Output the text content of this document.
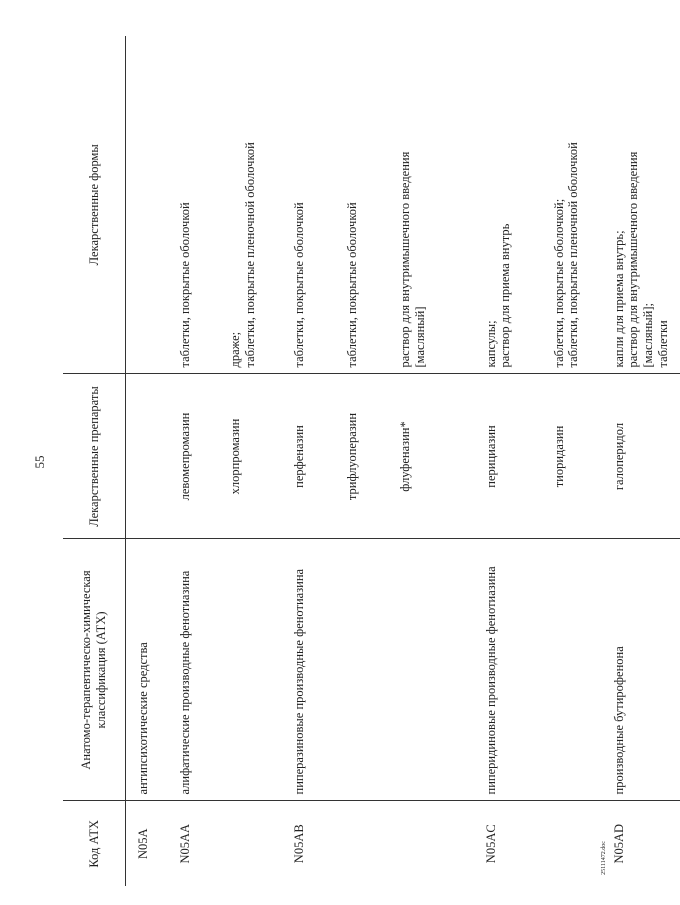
55
25111472.doc
Код АТХ	Анатомо-терапевтическо-химическая классификация (АТХ)	Лекарственные препараты	Лекарственные формы
N05A	антипсихотические средства		
N05AA	алифатические производные фенотиазина	левомепромазин	таблетки, покрытые оболочкой

		хлорпромазин	драже; таблетки, покрытые пленочной оболочкой

N05AB	пиперазиновые производные фенотиазина	перфеназин	таблетки, покрытые оболочкой

		трифлуоперазин	таблетки, покрытые оболочкой

		флуфеназин*	раствор для внутримышечного введения [масляный]

N05AC	пиперидиновые производные фенотиазина	перициазин	капсулы; раствор для приема внутрь

		тиоридазин	таблетки, покрытые оболочкой; таблетки, покрытые пленочной оболочкой

N05AD	производные бутирофенона	галоперидол	капли для приема внутрь; раствор для внутримышечного введения [масляный]; таблетки
